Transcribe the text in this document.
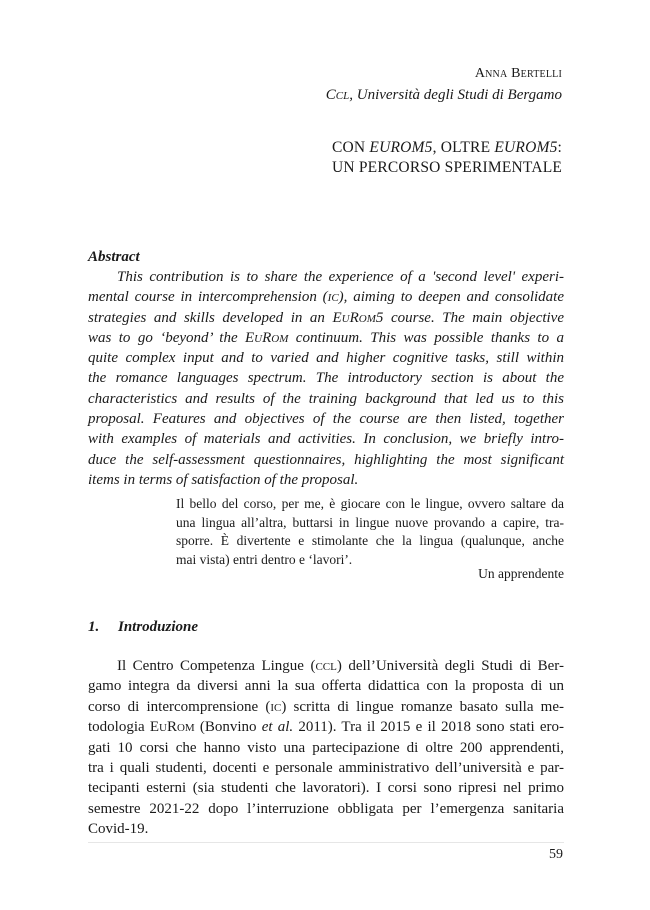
Anna Bertelli
Ccl, Università degli Studi di Bergamo
CON EUROM5, OLTRE EUROM5:
UN PERCORSO SPERIMENTALE
Abstract
This contribution is to share the experience of a 'second level' experi-
mental course in intercomprehension (ic), aiming to deepen and consolidate
strategies and skills developed in an EuRom5 course. The main objective
was to go ‘beyond’ the EuRom continuum. This was possible thanks to a
quite complex input and to varied and higher cognitive tasks, still within
the romance languages spectrum. The introductory section is about the
characteristics and results of the training background that led us to this
proposal. Features and objectives of the course are then listed, together
with examples of materials and activities. In conclusion, we briefly intro-
duce the self-assessment questionnaires, highlighting the most significant
items in terms of satisfaction of the proposal.
Il bello del corso, per me, è giocare con le lingue, ovvero saltare da
una lingua all’altra, buttarsi in lingue nuove provando a capire, tra-
sporre. È divertente e stimolante che la lingua (qualunque, anche
mai vista) entri dentro e ‘lavori’.
Un apprendente
1. Introduzione
Il Centro Competenza Lingue (ccl) dell’Università degli Studi di Ber-
gamo integra da diversi anni la sua offerta didattica con la proposta di un
corso di intercomprensione (ic) scritta di lingue romanze basato sulla me-
todologia EuRom (Bonvino et al. 2011). Tra il 2015 e il 2018 sono stati ero-
gati 10 corsi che hanno visto una partecipazione di oltre 200 apprendenti,
tra i quali studenti, docenti e personale amministrativo dell’università e par-
tecipanti esterni (sia studenti che lavoratori). I corsi sono ripresi nel primo
semestre 2021-22 dopo l’interruzione obbligata per l’emergenza sanitaria
Covid-19.
59
